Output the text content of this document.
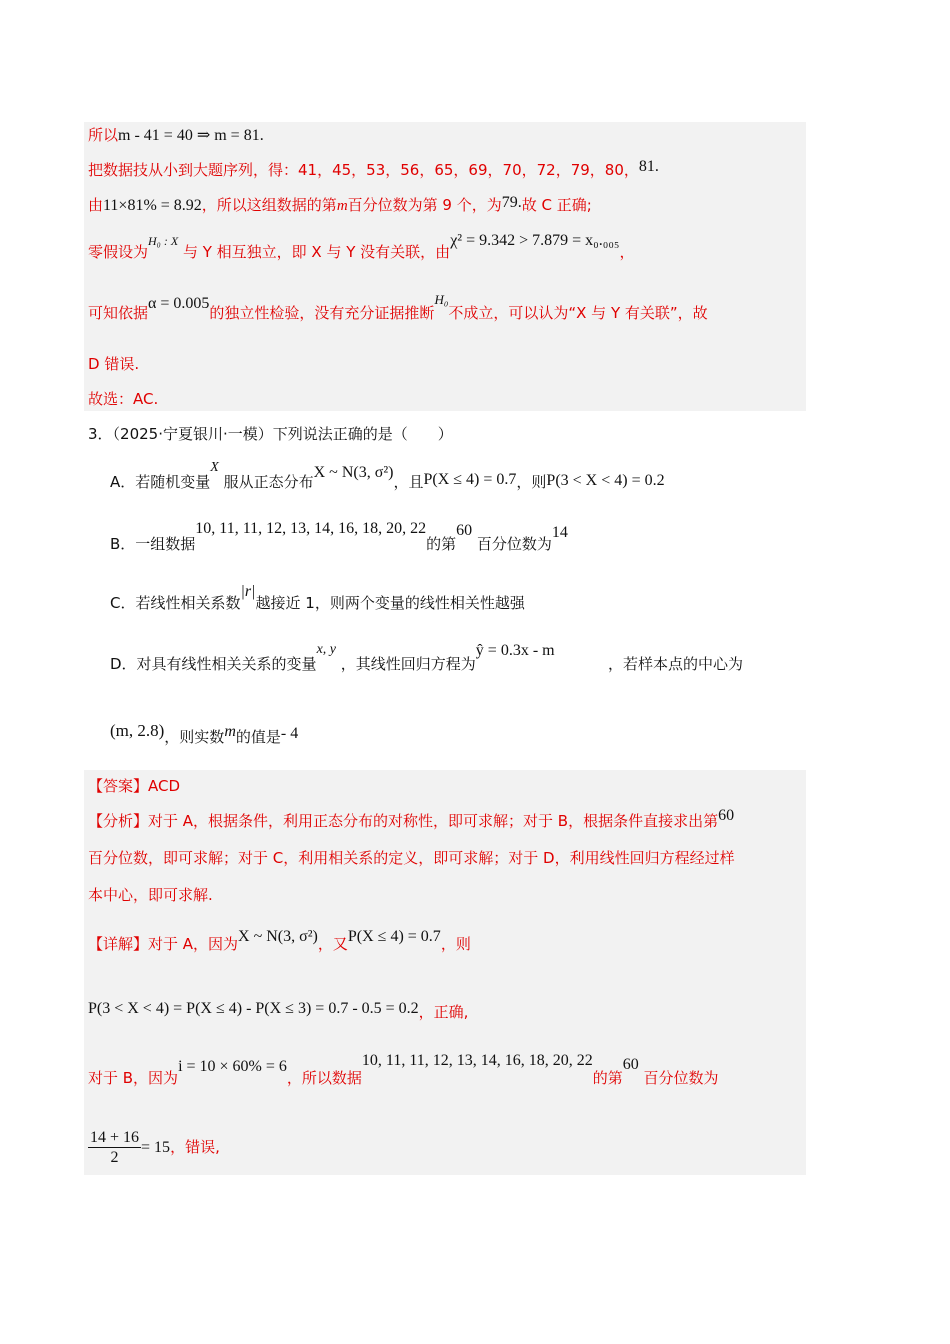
所以m - 41 = 40 ⇒ m = 81.
把数据技从小到大题序列，得：41，45，53，56，65，69，70，72，79，80，81.
由11×81% = 8.92，所以这组数据的第m百分位数为第 9 个，为79.故 C 正确;
零假设为$^{H_0 : X}$ 与 Y 相互独立，即 X 与 Y 没有关联，由χ² = 9.342 > 7.879 = x₀.₀₀₅，
可知依据α = 0.005的独立性检验，没有充分证据推断H₀不成立，可以认为“X 与 Y 有关联”，故
D 错误.
故选：AC.
3．（2025·宁夏银川·一模）下列说法正确的是（　　）
A．若随机变量X 服从正态分布X ~ N(3, σ²)，且P(X ≤ 4) = 0.7，则P(3 < X < 4) = 0.2
B．一组数据10, 11, 11, 12, 13, 14, 16, 18, 20, 22的第60 百分位数为14
C．若线性相关系数|r|越接近 1，则两个变量的线性相关性越强
D．对具有线性相关关系的变量x, y ，其线性回归方程为ŷ = 0.3x - m
，若样本点的中心为
(m, 2.8)，则实数m的值是- 4
【答案】ACD
【分析】对于 A，根据条件，利用正态分布的对称性，即可求解；对于 B，根据条件直接求出第60
百分位数，即可求解；对于 C，利用相关系的定义，即可求解；对于 D，利用线性回归方程经过样
本中心，即可求解.
【详解】对于 A，因为X ~ N(3, σ²)，又P(X ≤ 4) = 0.7，则
P(3 < X < 4) = P(X ≤ 4) - P(X ≤ 3) = 0.7 - 0.5 = 0.2，正确,
对于 B，因为i = 10 × 60% = 6，所以数据10, 11, 11, 12, 13, 14, 16, 18, 20, 22的第60 百分位数为
$\frac{14 + 16}{2} = 15$，错误,
